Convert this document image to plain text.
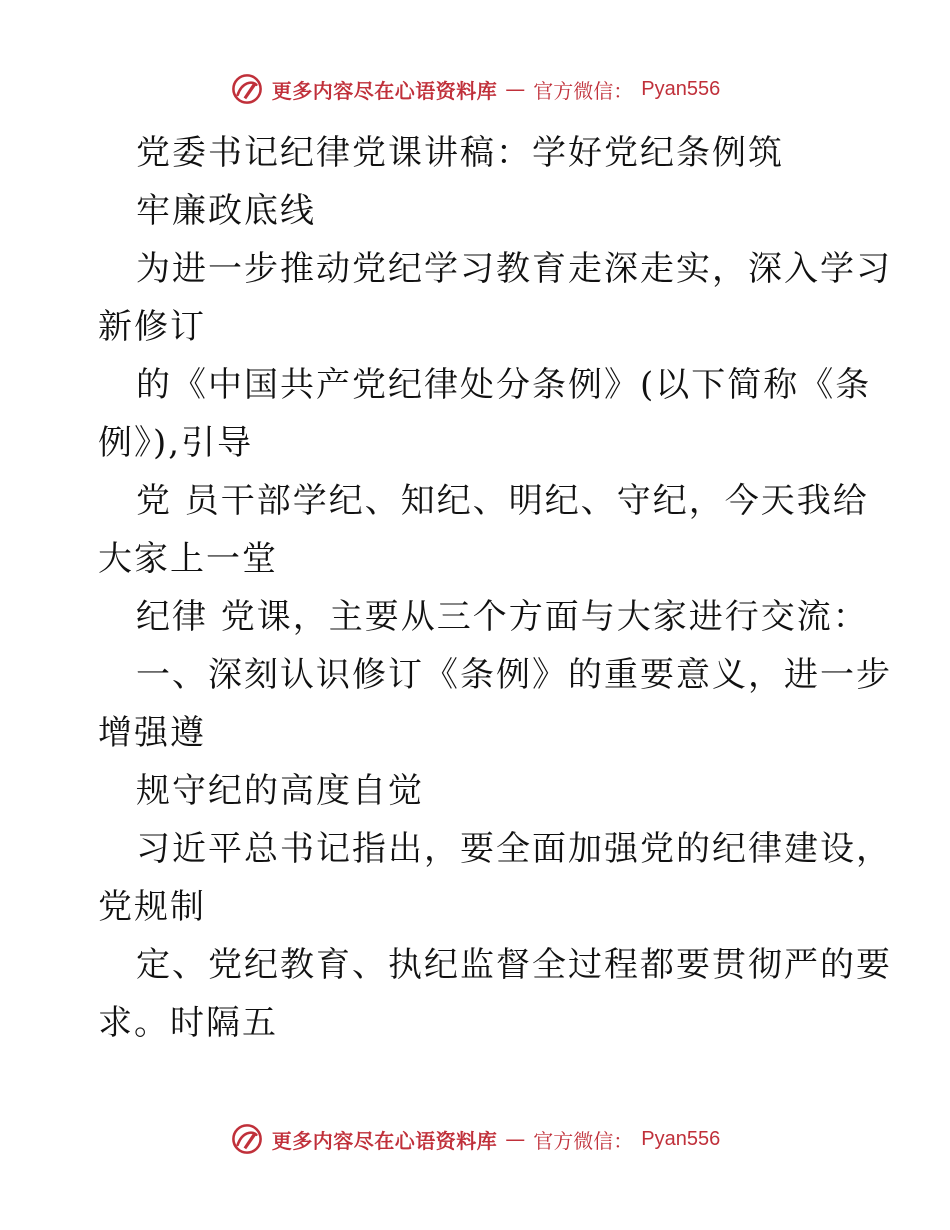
更多内容尽在心语资料库 — 官方微信： Pyan556
党委书记纪律党课讲稿：学好党纪条例筑
牢廉政底线
为进一步推动党纪学习教育走深走实，深入学习
新修订
的《中国共产党纪律处分条例》(以下简称《条
例》),引导
党 员干部学纪、知纪、明纪、守纪，今天我给
大家上一堂
纪律 党课，主要从三个方面与大家进行交流：
一、深刻认识修订《条例》的重要意义，进一步
增强遵
规守纪的高度自觉
习近平总书记指出，要全面加强党的纪律建设，
党规制
定、党纪教育、执纪监督全过程都要贯彻严的要
求。时隔五
更多内容尽在心语资料库 — 官方微信： Pyan556
